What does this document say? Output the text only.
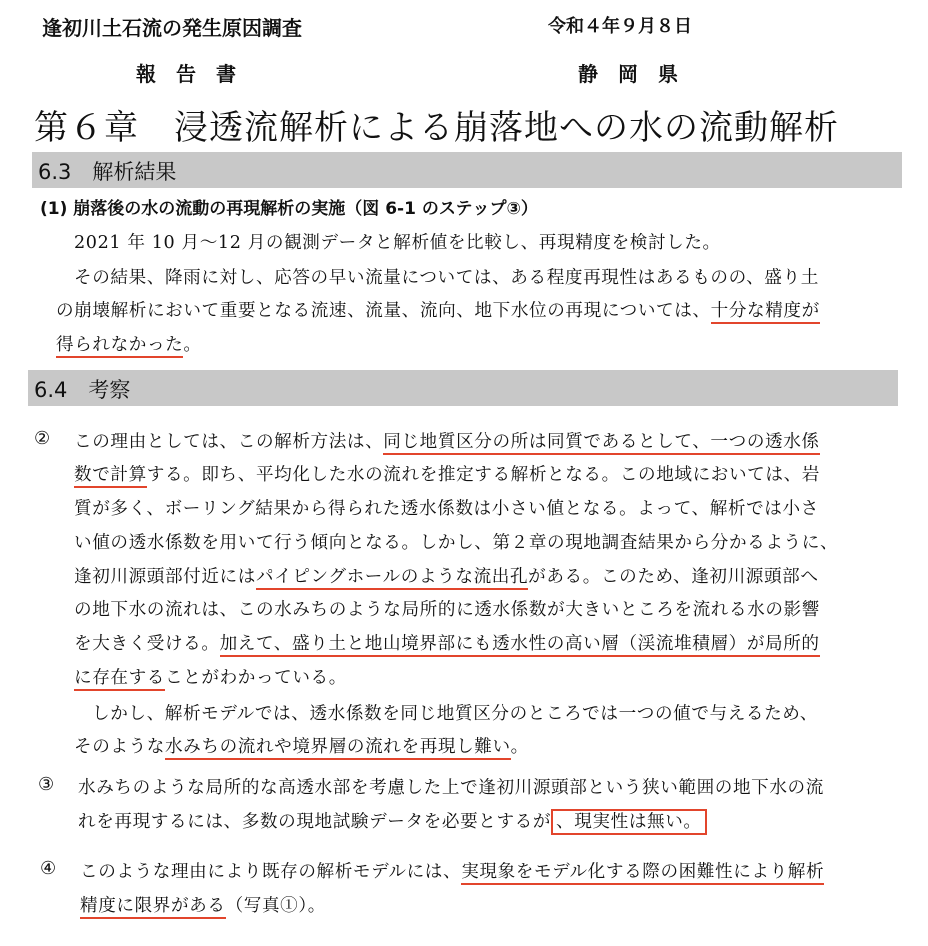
逢初川土石流の発生原因調査	令和４年９月８日
報　告　書	静　岡　県
第６章　浸透流解析による崩落地への水の流動解析
6.3　解析結果
(1) 崩落後の水の流動の再現解析の実施（図 6-1 のステップ③）
2021 年 10 月～12 月の観測データと解析値を比較し、再現精度を検討した。
その結果、降雨に対し、応答の早い流量については、ある程度再現性はあるものの、盛り土
の崩壊解析において重要となる流速、流量、流向、地下水位の再現については、十分な精度が
得られなかった。
6.4　考察
② この理由としては、この解析方法は、同じ地質区分の所は同質であるとして、一つの透水係
数で計算する。即ち、平均化した水の流れを推定する解析となる。この地域においては、岩
質が多く、ボーリング結果から得られた透水係数は小さい値となる。よって、解析では小さ
い値の透水係数を用いて行う傾向となる。しかし、第２章の現地調査結果から分かるように、
逢初川源頭部付近にはパイピングホールのような流出孔がある。このため、逢初川源頭部へ
の地下水の流れは、この水みちのような局所的に透水係数が大きいところを流れる水の影響
を大きく受ける。加えて、盛り土と地山境界部にも透水性の高い層（渓流堆積層）が局所的
に存在することがわかっている。
しかし、解析モデルでは、透水係数を同じ地質区分のところでは一つの値で与えるため、
そのような水みちの流れや境界層の流れを再現し難い。
③ 水みちのような局所的な高透水部を考慮した上で逢初川源頭部という狭い範囲の地下水の流
れを再現するには、多数の現地試験データを必要とするが 、現実性は無い。
④ このような理由により既存の解析モデルには、実現象をモデル化する際の困難性により解析
精度に限界がある（写真①）。
